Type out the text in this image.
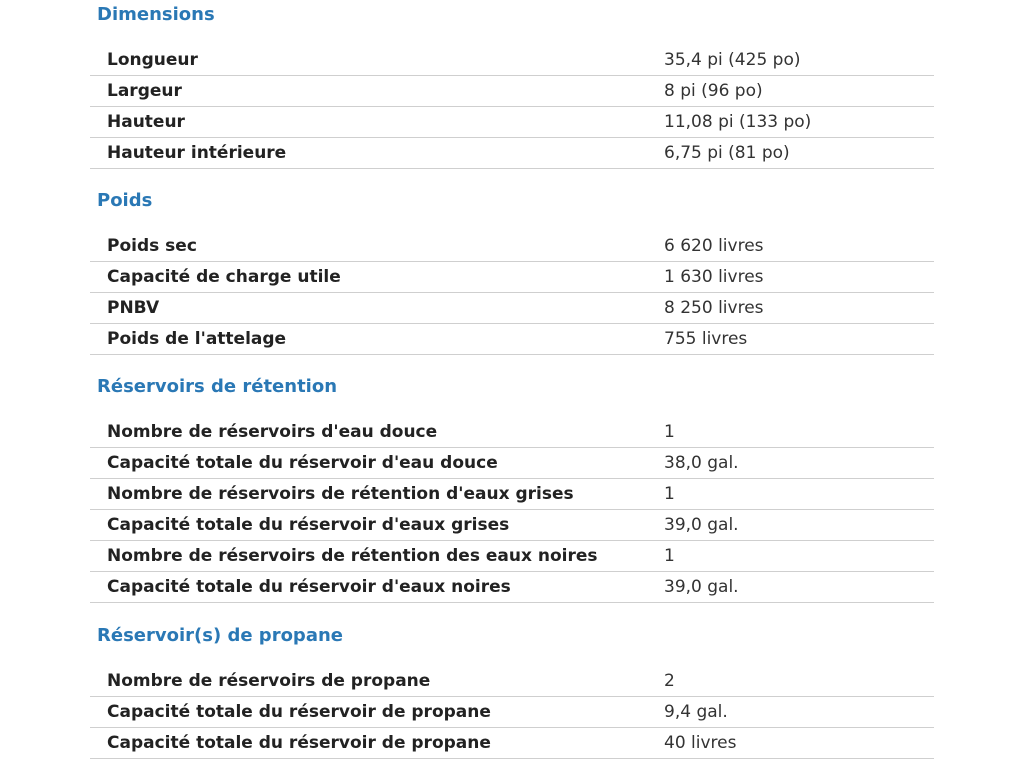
Dimensions
Longueur	35,4 pi (425 po)
Largeur	8 pi (96 po)
Hauteur	11,08 pi (133 po)
Hauteur intérieure	6,75 pi (81 po)
Poids
Poids sec	6 620 livres
Capacité de charge utile	1 630 livres
PNBV	8 250 livres
Poids de l'attelage	755 livres
Réservoirs de rétention
Nombre de réservoirs d'eau douce	1
Capacité totale du réservoir d'eau douce	38,0 gal.
Nombre de réservoirs de rétention d'eaux grises	1
Capacité totale du réservoir d'eaux grises	39,0 gal.
Nombre de réservoirs de rétention des eaux noires	1
Capacité totale du réservoir d'eaux noires	39,0 gal.
Réservoir(s) de propane
Nombre de réservoirs de propane	2
Capacité totale du réservoir de propane	9,4 gal.
Capacité totale du réservoir de propane	40 livres
